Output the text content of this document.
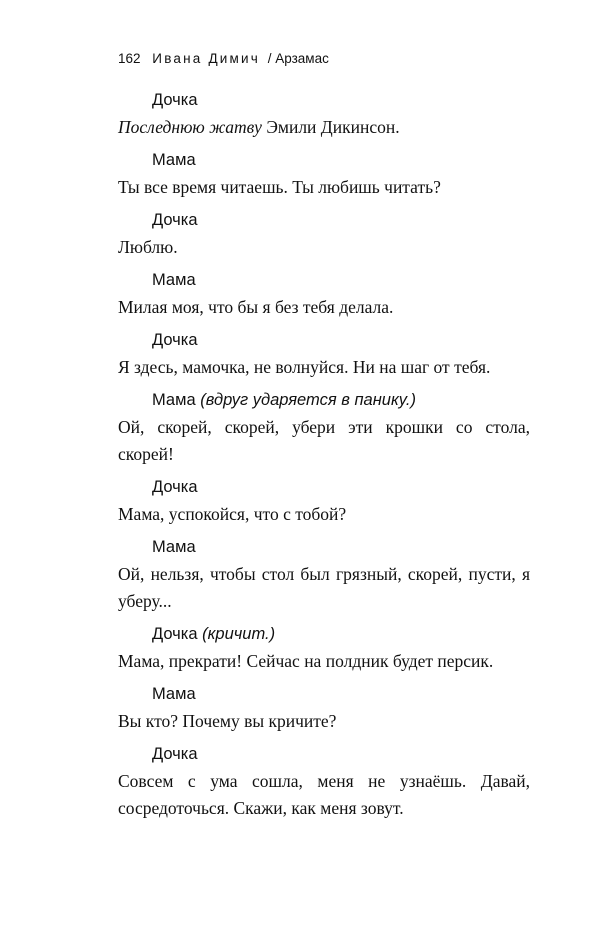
162 Ивана Димич / Арзамас
Дочка
Последнюю жатву Эмили Дикинсон.
Мама
Ты все время читаешь. Ты любишь читать?
Дочка
Люблю.
Мама
Милая моя, что бы я без тебя делала.
Дочка
Я здесь, мамочка, не волнуйся. Ни на шаг от тебя.
Мама (вдруг ударяется в панику.)
Ой, скорей, скорей, убери эти крошки со стола, скорей!
Дочка
Мама, успокойся, что с тобой?
Мама
Ой, нельзя, чтобы стол был грязный, скорей, пусти, я уберу...
Дочка (кричит.)
Мама, прекрати! Сейчас на полдник будет персик.
Мама
Вы кто? Почему вы кричите?
Дочка
Совсем с ума сошла, меня не узнаёшь. Давай, сосредоточься. Скажи, как меня зовут.
